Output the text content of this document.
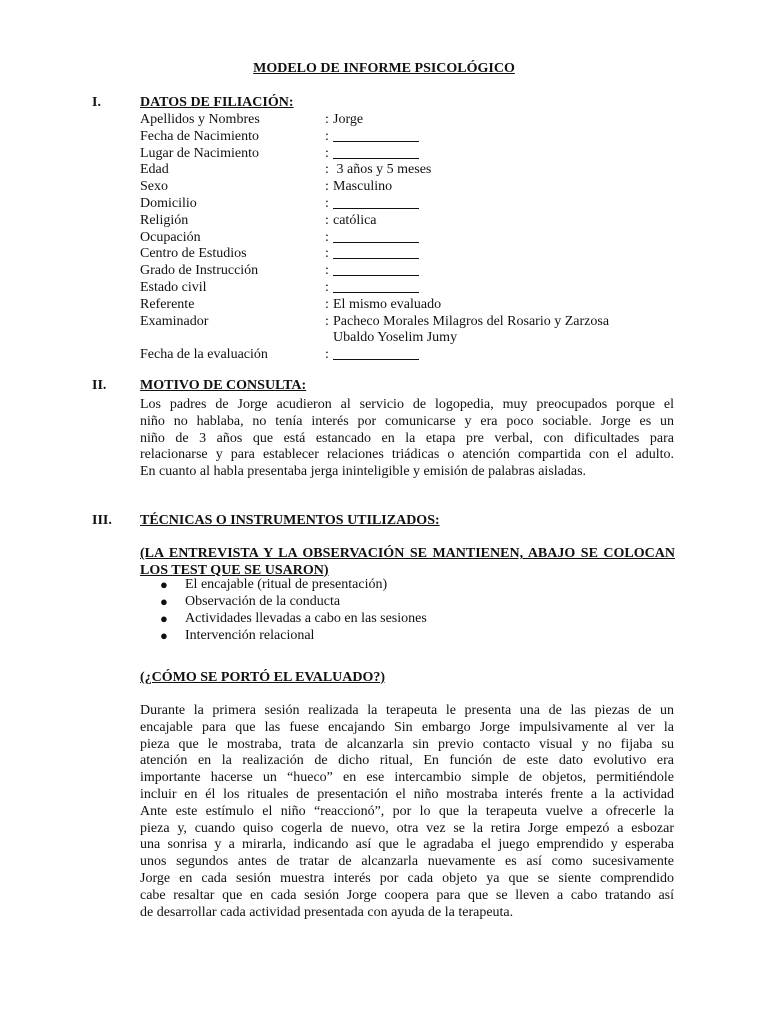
MODELO DE INFORME PSICOLÓGICO
I.	DATOS DE FILIACIÓN:
Apellidos y Nombres	: Jorge
Fecha de Nacimiento	:
Lugar de Nacimiento	:
Edad	: 3 años y 5 meses
Sexo	: Masculino
Domicilio	:
Religión	: católica
Ocupación	:
Centro de Estudios	:
Grado de Instrucción	:
Estado civil	:
Referente	: El mismo evaluado
Examinador	: Pacheco Morales Milagros del Rosario y Zarzosa
Ubaldo Yoselim Jumy
Fecha de la evaluación	:
II. MOTIVO DE CONSULTA:
Los padres de Jorge acudieron al servicio de logopedia, muy preocupados porque el
niño no hablaba, no tenía interés por comunicarse y era poco sociable. Jorge es un
niño de 3 años que está estancado en la etapa pre verbal, con dificultades para
relacionarse y para establecer relaciones triádicas o atención compartida con el adulto.
En cuanto al habla presentaba jerga ininteligible y emisión de palabras aisladas.
III. TÉCNICAS O INSTRUMENTOS UTILIZADOS:
(LA ENTREVISTA Y LA OBSERVACIÓN SE MANTIENEN, ABAJO SE COLOCAN
LOS TEST QUE SE USARON)
● El encajable (ritual de presentación)
● Observación de la conducta
● Actividades llevadas a cabo en las sesiones
● Intervención relacional
(¿CÓMO SE PORTÓ EL EVALUADO?)
Durante la primera sesión realizada la terapeuta le presenta una de las piezas de un
encajable para que las fuese encajando Sin embargo Jorge impulsivamente al ver la
pieza que le mostraba, trata de alcanzarla sin previo contacto visual y no fijaba su
atención en la realización de dicho ritual, En función de este dato evolutivo era
importante hacerse un “hueco” en ese intercambio simple de objetos, permitiéndole
incluir en él los rituales de presentación el niño mostraba interés frente a la actividad
Ante este estímulo el niño “reaccionó”, por lo que la terapeuta vuelve a ofrecerle la
pieza y, cuando quiso cogerla de nuevo, otra vez se la retira Jorge empezó a esbozar
una sonrisa y a mirarla, indicando así que le agradaba el juego emprendido y esperaba
unos segundos antes de tratar de alcanzarla nuevamente es así como sucesivamente
Jorge en cada sesión muestra interés por cada objeto ya que se siente comprendido
cabe resaltar que en cada sesión Jorge coopera para que se lleven a cabo tratando así
de desarrollar cada actividad presentada con ayuda de la terapeuta.
